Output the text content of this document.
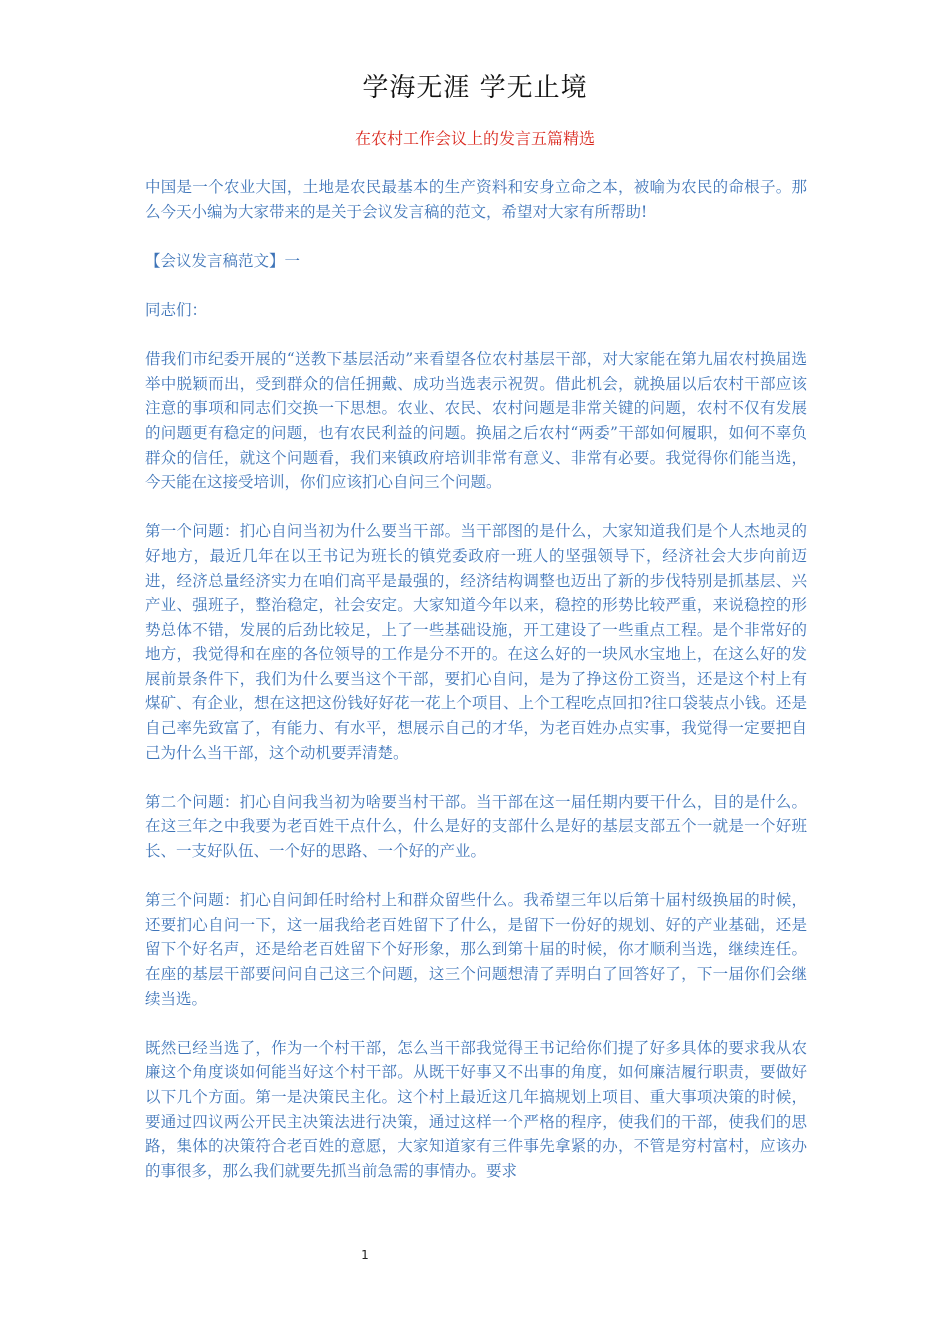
学海无涯 学无止境
在农村工作会议上的发言五篇精选

中国是一个农业大国，土地是农民最基本的生产资料和安身立命之本，被喻为农民的命根子。那么今天小编为大家带来的是关于会议发言稿的范文，希望对大家有所帮助!

【会议发言稿范文】一

同志们：

借我们市纪委开展的“送教下基层活动”来看望各位农村基层干部，对大家能在第九届农村换届选举中脱颖而出，受到群众的信任拥戴、成功当选表示祝贺。借此机会，就换届以后农村干部应该注意的事项和同志们交换一下思想。农业、农民、农村问题是非常关键的问题，农村不仅有发展的问题更有稳定的问题，也有农民利益的问题。换届之后农村“两委”干部如何履职，如何不辜负群众的信任，就这个问题看，我们来镇政府培训非常有意义、非常有必要。我觉得你们能当选，今天能在这接受培训，你们应该扪心自问三个问题。

第一个问题：扪心自问当初为什么要当干部。当干部图的是什么，大家知道我们是个人杰地灵的好地方，最近几年在以王书记为班长的镇党委政府一班人的坚强领导下，经济社会大步向前迈进，经济总量经济实力在咱们高平是最强的，经济结构调整也迈出了新的步伐特别是抓基层、兴产业、强班子，整治稳定，社会安定。大家知道今年以来，稳控的形势比较严重，来说稳控的形势总体不错，发展的后劲比较足，上了一些基础设施，开工建设了一些重点工程。是个非常好的地方，我觉得和在座的各位领导的工作是分不开的。在这么好的一块风水宝地上，在这么好的发展前景条件下，我们为什么要当这个干部，要扪心自问，是为了挣这份工资当，还是这个村上有煤矿、有企业，想在这把这份钱好好花一花上个项目、上个工程吃点回扣?往口袋装点小钱。还是自己率先致富了，有能力、有水平，想展示自己的才华，为老百姓办点实事，我觉得一定要把自己为什么当干部，这个动机要弄清楚。

第二个问题：扪心自问我当初为啥要当村干部。当干部在这一届任期内要干什么，目的是什么。在这三年之中我要为老百姓干点什么，什么是好的支部什么是好的基层支部五个一就是一个好班长、一支好队伍、一个好的思路、一个好的产业。

第三个问题：扪心自问卸任时给村上和群众留些什么。我希望三年以后第十届村级换届的时候，还要扪心自问一下，这一届我给老百姓留下了什么，是留下一份好的规划、好的产业基础，还是留下个好名声，还是给老百姓留下个好形象，那么到第十届的时候，你才顺利当选，继续连任。在座的基层干部要问问自己这三个问题，这三个问题想清了弄明白了回答好了，下一届你们会继续当选。

既然已经当选了，作为一个村干部，怎么当干部我觉得王书记给你们提了好多具体的要求我从农廉这个角度谈如何能当好这个村干部。从既干好事又不出事的角度，如何廉洁履行职责，要做好以下几个方面。第一是决策民主化。这个村上最近这几年搞规划上项目、重大事项决策的时候，要通过四议两公开民主决策法进行决策，通过这样一个严格的程序，使我们的干部，使我们的思路，集体的决策符合老百姓的意愿，大家知道家有三件事先拿紧的办，不管是穷村富村，应该办的事很多，那么我们就要先抓当前急需的事情办。要求

1
